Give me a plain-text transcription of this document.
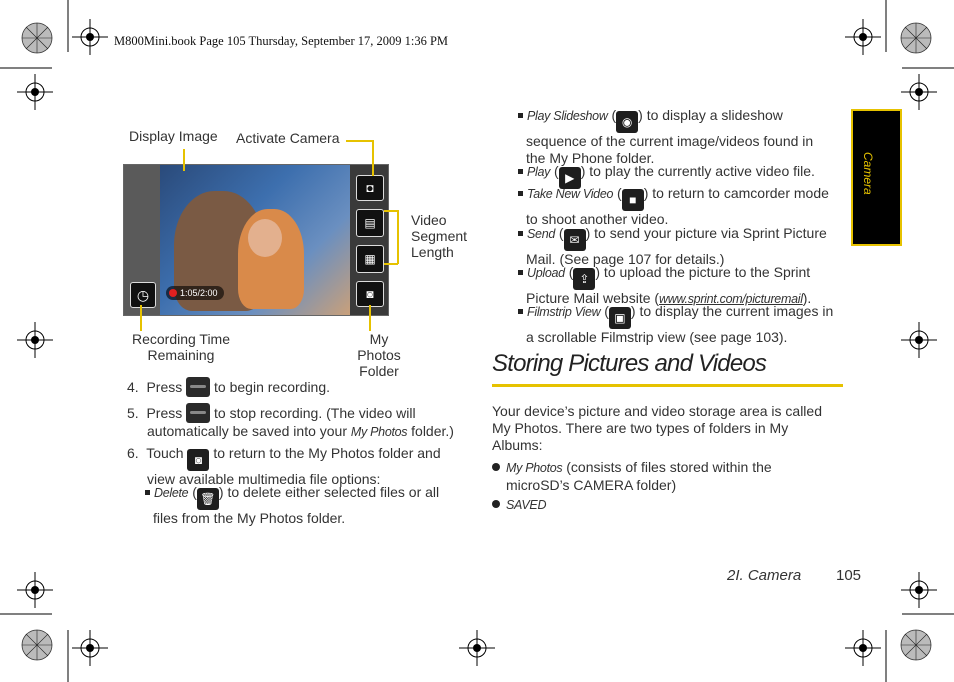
M800Mini.book Page 105 Thursday, September 17, 2009 1:36 PM
Camera
Display Image Activate Camera
Video
Segment
Length
Recording Time
Remaining
My Photos
Folder
◘
▤
▦
◙
◷	1:05/2:00
4. Press to begin recording.
5. Press to stop recording. (The video will
automatically be saved into your My Photos folder.)
6. Touch ◙ to return to the My Photos folder and
view available multimedia file options:
Delete ( 🗑 ) to delete either selected files or all
files from the My Photos folder.
Play Slideshow ( ◉ ) to display a slideshow
sequence of the current image/videos found in
the My Phone folder.
Play ( ▶ ) to play the currently active video file.
Take New Video ( ■ ) to return to camcorder mode
to shoot another video.
Send ( ✉ ) to send your picture via Sprint Picture
Mail. (See page 107 for details.)
Upload ( ⇪ ) to upload the picture to the Sprint
Picture Mail website (www.sprint.com/picturemail).
Filmstrip View ( ▣ ) to display the current images in
a scrollable Filmstrip view (see page 103).
Storing Pictures and Videos
Your device’s picture and video storage area is called
My Photos. There are two types of folders in My
Albums:
My Photos (consists of files stored within the
microSD’s CAMERA folder)
SAVED
2I. Camera 105
